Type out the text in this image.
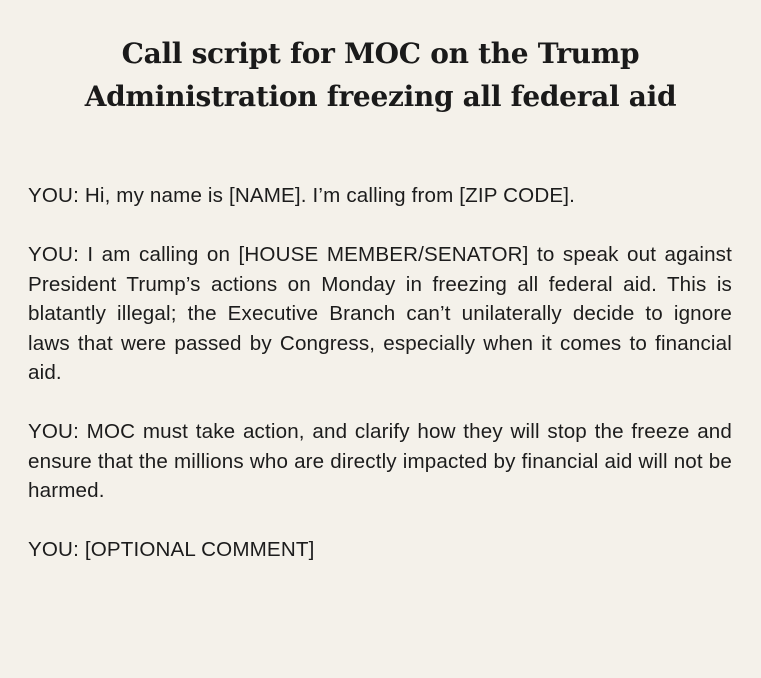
Call script for MOC on the Trump
Administration freezing all federal aid

YOU: Hi, my name is [NAME]. I’m calling from [ZIP CODE].

YOU: I am calling on [HOUSE MEMBER/SENATOR] to speak out against President Trump’s actions on Monday in freezing all federal aid. This is blatantly illegal; the Executive Branch can’t unilaterally decide to ignore laws that were passed by Congress, especially when it comes to financial aid.

YOU: MOC must take action, and clarify how they will stop the freeze and ensure that the millions who are directly impacted by financial aid will not be harmed.

YOU: [OPTIONAL COMMENT]
